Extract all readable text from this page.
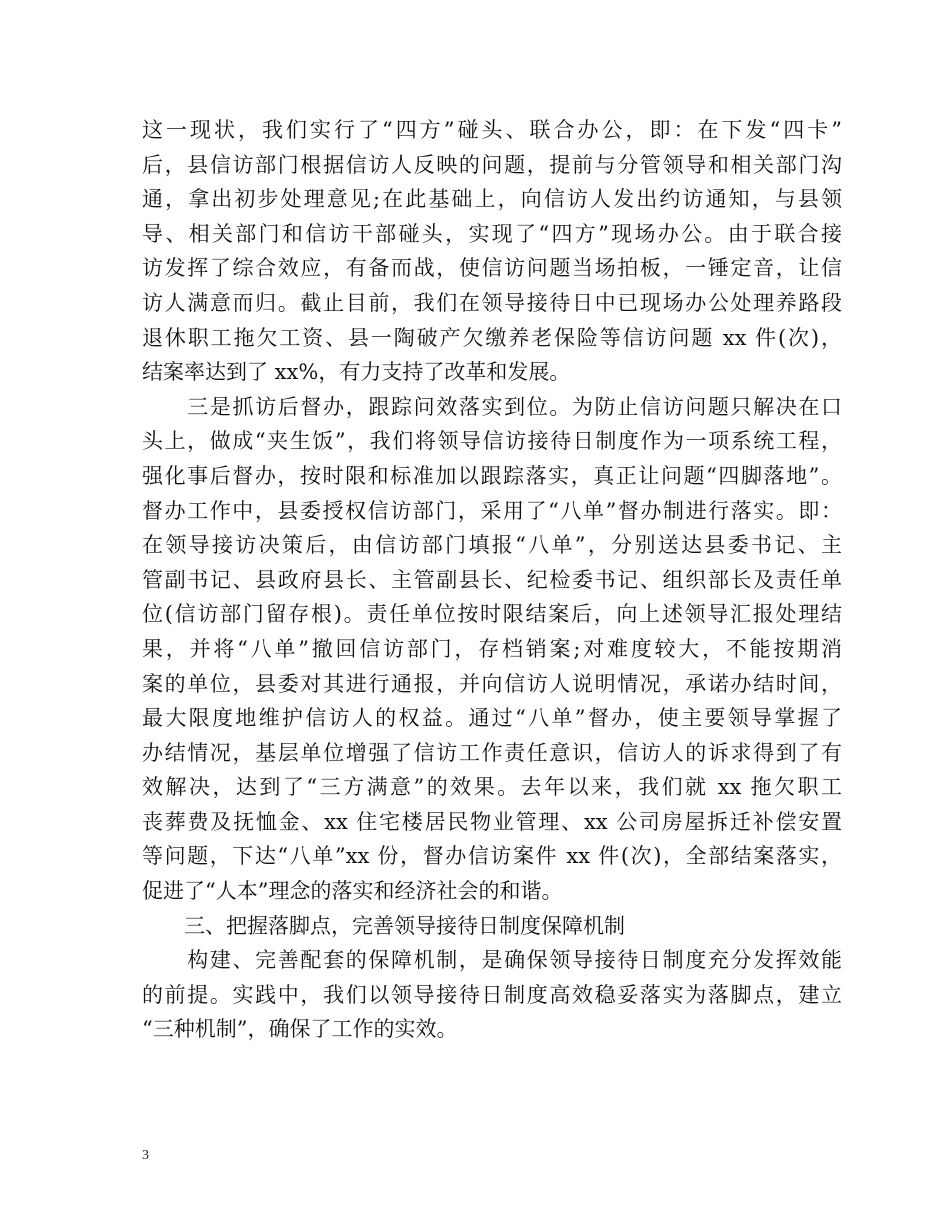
这一现状，我们实行了“四方”碰头、联合办公，即：在下发“四卡”
后，县信访部门根据信访人反映的问题，提前与分管领导和相关部门沟
通，拿出初步处理意见;在此基础上，向信访人发出约访通知，与县领
导、相关部门和信访干部碰头，实现了“四方”现场办公。由于联合接
访发挥了综合效应，有备而战，使信访问题当场拍板，一锤定音，让信
访人满意而归。截止目前，我们在领导接待日中已现场办公处理养路段
退休职工拖欠工资、县一陶破产欠缴养老保险等信访问题 xx 件(次)，
结案率达到了 xx%，有力支持了改革和发展。
　　三是抓访后督办，跟踪问效落实到位。为防止信访问题只解决在口
头上，做成“夹生饭”，我们将领导信访接待日制度作为一项系统工程，
强化事后督办，按时限和标准加以跟踪落实，真正让问题“四脚落地”。
督办工作中，县委授权信访部门，采用了“八单”督办制进行落实。即：
在领导接访决策后，由信访部门填报“八单”，分别送达县委书记、主
管副书记、县政府县长、主管副县长、纪检委书记、组织部长及责任单
位(信访部门留存根)。责任单位按时限结案后，向上述领导汇报处理结
果，并将“八单”撤回信访部门，存档销案;对难度较大，不能按期消
案的单位，县委对其进行通报，并向信访人说明情况，承诺办结时间，
最大限度地维护信访人的权益。通过“八单”督办，使主要领导掌握了
办结情况，基层单位增强了信访工作责任意识，信访人的诉求得到了有
效解决，达到了“三方满意”的效果。去年以来，我们就 xx 拖欠职工
丧葬费及抚恤金、xx 住宅楼居民物业管理、xx 公司房屋拆迁补偿安置
等问题，下达“八单”xx 份，督办信访案件 xx 件(次)，全部结案落实，
促进了“人本”理念的落实和经济社会的和谐。
　　三、把握落脚点，完善领导接待日制度保障机制
　　构建、完善配套的保障机制，是确保领导接待日制度充分发挥效能
的前提。实践中，我们以领导接待日制度高效稳妥落实为落脚点，建立
“三种机制”，确保了工作的实效。
3
